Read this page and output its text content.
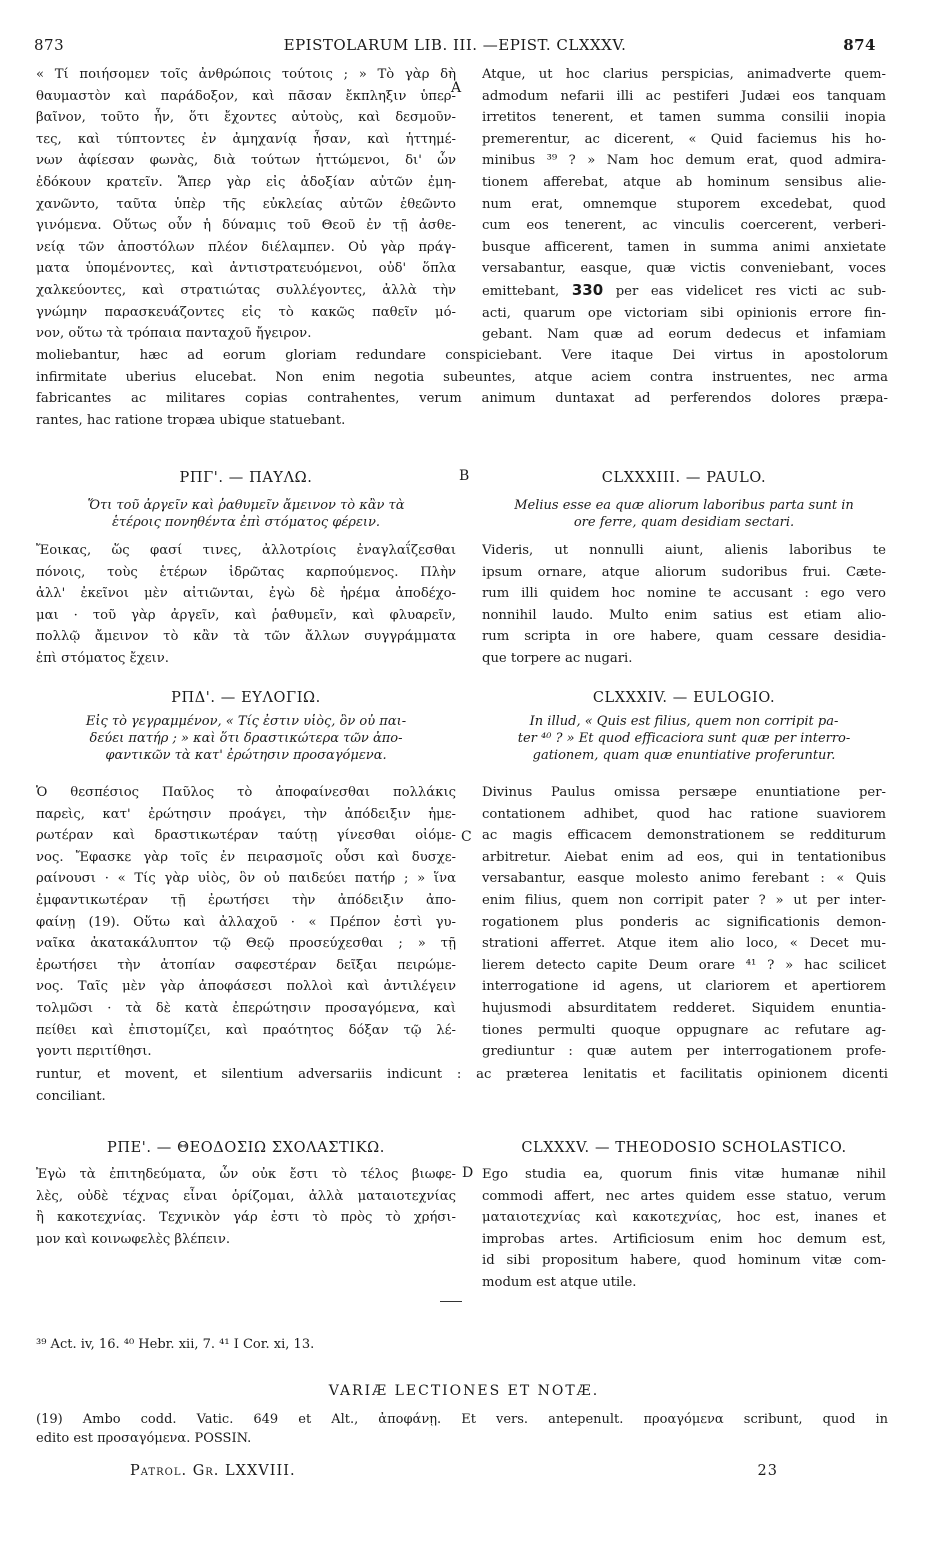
873	EPISTOLARUM LIB. III. —EPIST. CLXXXV.	874
A
B
C
D
« Τί ποιήσομεν τοῖς ἀνθρώποις τούτοις ; » Τὸ γὰρ δὴ
θαυμαστὸν καὶ παράδοξον, καὶ πᾶσαν ἔκπληξιν ὑπερ-
βαῖνον, τοῦτο ἦν, ὅτι ἔχοντες αὐτοὺς, καὶ δεσμοῦν-
τες, καὶ τύπτοντες ἐν ἀμηχανίᾳ ἦσαν, καὶ ἡττημέ-
νων ἀφίεσαν φωνὰς, διὰ τούτων ἡττώμενοι, δι' ὧν
ἐδόκουν κρατεῖν. Ἅπερ γὰρ εἰς ἀδοξίαν αὐτῶν ἐμη-
χανῶντο, ταῦτα ὑπὲρ τῆς εὐκλείας αὐτῶν ἐθεῶντο
γινόμενα. Οὕτως οὖν ἡ δύναμις τοῦ Θεοῦ ἐν τῇ ἀσθε-
νείᾳ τῶν ἀποστόλων πλέον διέλαμπεν. Οὐ γὰρ πράγ-
ματα ὑπομένοντες, καὶ ἀντιστρατευόμενοι, οὐδ' ὅπλα
χαλκεύοντες, καὶ στρατιώτας συλλέγοντες, ἀλλὰ τὴν
γνώμην παρασκευάζοντες εἰς τὸ κακῶς παθεῖν μό-
νον, οὕτω τὰ τρόπαια πανταχοῦ ἤγειρον.
Atque, ut hoc clarius perspicias, animadverte quem-
admodum nefarii illi ac pestiferi Judæi eos tanquam
irretitos tenerent, et tamen summa consilii inopia
premerentur, ac dicerent, « Quid faciemus his ho-
minibus ³⁹ ? » Nam hoc demum erat, quod admira-
tionem afferebat, atque ab hominum sensibus alie-
num erat, omnemque stuporem excedebat, quod
cum eos tenerent, ac vinculis coercerent, verberi-
busque afficerent, tamen in summa animi anxietate
versabantur, easque, quæ victis conveniebant, voces
emittebant, 330 per eas videlicet res victi ac sub-
acti, quarum ope victoriam sibi opinionis errore fin-
gebant. Nam quæ ad eorum dedecus et infamiam
moliebantur, hæc ad eorum gloriam redundare conspiciebant. Vere itaque Dei virtus in apostolorum
infirmitate uberius elucebat. Non enim negotia subeuntes, atque aciem contra instruentes, nec arma
fabricantes ac militares copias contrahentes, verum animum duntaxat ad perferendos dolores præpa-
rantes, hac ratione tropæa ubique statuebant.
ΡΠΓ'. — ΠΑΥΛΩ.
Ὅτι τοῦ ἀργεῖν καὶ ῥαθυμεῖν ἄμεινον τὸ κἂν τὰ
ἑτέροις πονηθέντα ἐπὶ στόματος φέρειν.
Ἔοικας, ὥς φασί τινες, ἀλλοτρίοις ἐναγλαΐζεσθαι
πόνοις, τοὺς ἑτέρων ἱδρῶτας καρπούμενος. Πλὴν
ἀλλ' ἐκεῖνοι μὲν αἰτιῶνται, ἐγὼ δὲ ἠρέμα ἀποδέχο-
μαι · τοῦ γὰρ ἀργεῖν, καὶ ῥαθυμεῖν, καὶ φλυαρεῖν,
πολλῷ ἄμεινον τὸ κἂν τὰ τῶν ἄλλων συγγράμματα
ἐπὶ στόματος ἔχειν.
CLXXXIII. — PAULO.
Melius esse ea quæ aliorum laboribus parta sunt in
ore ferre, quam desidiam sectari.
Videris, ut nonnulli aiunt, alienis laboribus te
ipsum ornare, atque aliorum sudoribus frui. Cæte-
rum illi quidem hoc nomine te accusant : ego vero
nonnihil laudo. Multo enim satius est etiam alio-
rum scripta in ore habere, quam cessare desidia-
que torpere ac nugari.
ΡΠΔ'. — ΕΥΛΟΓΙΩ.
Εἰς τὸ γεγραμμένον, « Τίς ἐστιν υἱὸς, ὃν οὐ παι-
δεύει πατήρ ; » καὶ ὅτι δραστικώτερα τῶν ἀπο-
φαντικῶν τὰ κατ' ἐρώτησιν προσαγόμενα.
Ὁ θεσπέσιος Παῦλος τὸ ἀποφαίνεσθαι πολλάκις
παρεὶς, κατ' ἐρώτησιν προάγει, τὴν ἀπόδειξιν ἡμε-
ρωτέραν καὶ δραστικωτέραν ταύτῃ γίνεσθαι οἰόμε-
νος. Ἔφασκε γὰρ τοῖς ἐν πειρασμοῖς οὖσι καὶ δυσχε-
ραίνουσι · « Τίς γὰρ υἱὸς, ὃν οὐ παιδεύει πατήρ ; » ἵνα
ἐμφαντικωτέραν τῇ ἐρωτήσει τὴν ἀπόδειξιν ἀπο-
φαίνῃ (19). Οὕτω καὶ ἀλλαχοῦ · « Πρέπον ἐστὶ γυ-
ναῖκα ἀκατακάλυπτον τῷ Θεῷ προσεύχεσθαι ; » τῇ
ἐρωτήσει τὴν ἀτοπίαν σαφεστέραν δεῖξαι πειρώμε-
νος. Ταῖς μὲν γὰρ ἀποφάσεσι πολλοὶ καὶ ἀντιλέγειν
τολμῶσι · τὰ δὲ κατὰ ἐπερώτησιν προσαγόμενα, καὶ
πείθει καὶ ἐπιστομίζει, καὶ πραότητος δόξαν τῷ λέ-
γοντι περιτίθησι.
CLXXXIV. — EULOGIO.
In illud, « Quis est filius, quem non corripit pa-
ter ⁴⁰ ? » Et quod efficaciora sunt quæ per interro-
gationem, quam quæ enuntiative proferuntur.
Divinus Paulus omissa persæpe enuntiatione per-
contationem adhibet, quod hac ratione suaviorem
ac magis efficacem demonstrationem se redditurum
arbitretur. Aiebat enim ad eos, qui in tentationibus
versabantur, easque molesto animo ferebant : « Quis
enim filius, quem non corripit pater ? » ut per inter-
rogationem plus ponderis ac significationis demon-
strationi afferret. Atque item alio loco, « Decet mu-
lierem detecto capite Deum orare ⁴¹ ? » hac scilicet
interrogatione id agens, ut clariorem et apertiorem
hujusmodi absurditatem redderet. Siquidem enuntia-
tiones permulti quoque oppugnare ac refutare ag-
grediuntur : quæ autem per interrogationem profe-
runtur, et movent, et silentium adversariis indicunt : ac præterea lenitatis et facilitatis opinionem dicenti
conciliant.
ΡΠΕ'. — ΘΕΟΔΟΣΙΩ ΣΧΟΛΑΣΤΙΚΩ.
Ἐγὼ τὰ ἐπιτηδεύματα, ὧν οὐκ ἔστι τὸ τέλος βιωφε-
λὲς, οὐδὲ τέχνας εἶναι ὁρίζομαι, ἀλλὰ ματαιοτεχνίας
ἢ κακοτεχνίας. Τεχνικὸν γάρ ἐστι τὸ πρὸς τὸ χρήσι-
μον καὶ κοινωφελὲς βλέπειν.
CLXXXV. — THEODOSIO SCHOLASTICO.
Ego studia ea, quorum finis vitæ humanæ nihil
commodi affert, nec artes quidem esse statuo, verum
ματαιοτεχνίας καὶ κακοτεχνίας, hoc est, inanes et
improbas artes. Artificiosum enim hoc demum est,
id sibi propositum habere, quod hominum vitæ com-
modum est atque utile.
³⁹ Act. iv, 16. ⁴⁰ Hebr. xii, 7. ⁴¹ I Cor. xi, 13.
VARIÆ LECTIONES ET NOTÆ.
(19) Ambo codd. Vatic. 649 et Alt., ἀποφάνῃ. Et vers. antepenult. προαγόμενα scribunt, quod in
edito est προσαγόμενα. POSSIN.
Patrol. Gr. LXXVIII.	23
